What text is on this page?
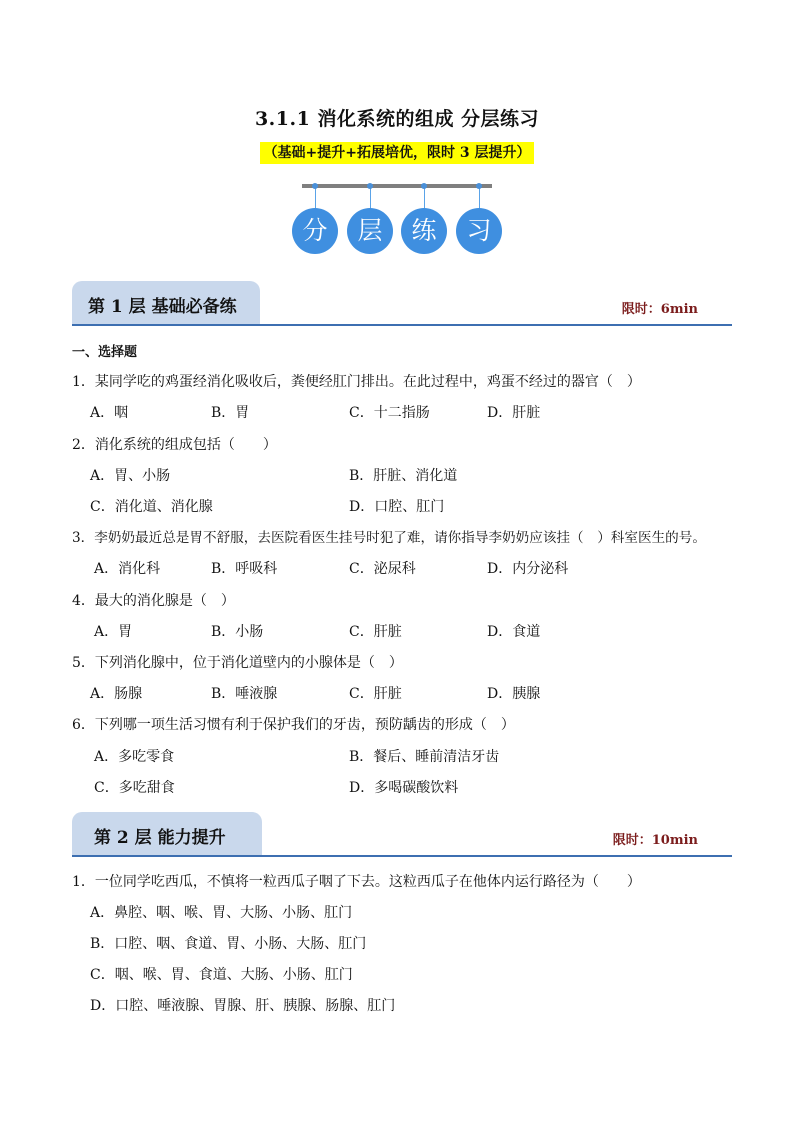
3.1.1 消化系统的组成 分层练习
（基础+提升+拓展培优，限时 3 层提升）
分	层	练	习
第 1 层 基础必备练	限时：6min
一、选择题
1．某同学吃的鸡蛋经消化吸收后，粪便经肛门排出。在此过程中，鸡蛋不经过的器官（　）
A．咽	B．胃	C．十二指肠	D．肝脏
2．消化系统的组成包括（　　）
A．胃、小肠	B．肝脏、消化道
C．消化道、消化腺	D．口腔、肛门
3．李奶奶最近总是胃不舒服，去医院看医生挂号时犯了难，请你指导李奶奶应该挂（　）科室医生的号。
A．消化科	B．呼吸科	C．泌尿科	D．内分泌科
4．最大的消化腺是（　）
A．胃	B．小肠	C．肝脏	D．食道
5．下列消化腺中，位于消化道壁内的小腺体是（　）
A．肠腺	B．唾液腺	C．肝脏	D．胰腺
6．下列哪一项生活习惯有利于保护我们的牙齿，预防龋齿的形成（　）
A．多吃零食	B．餐后、睡前清洁牙齿
C．多吃甜食	D．多喝碳酸饮料
第 2 层 能力提升	限时：10min
1．一位同学吃西瓜，不慎将一粒西瓜子咽了下去。这粒西瓜子在他体内运行路径为（　　）
A．鼻腔、咽、喉、胃、大肠、小肠、肛门
B．口腔、咽、食道、胃、小肠、大肠、肛门
C．咽、喉、胃、食道、大肠、小肠、肛门
D．口腔、唾液腺、胃腺、肝、胰腺、肠腺、肛门
